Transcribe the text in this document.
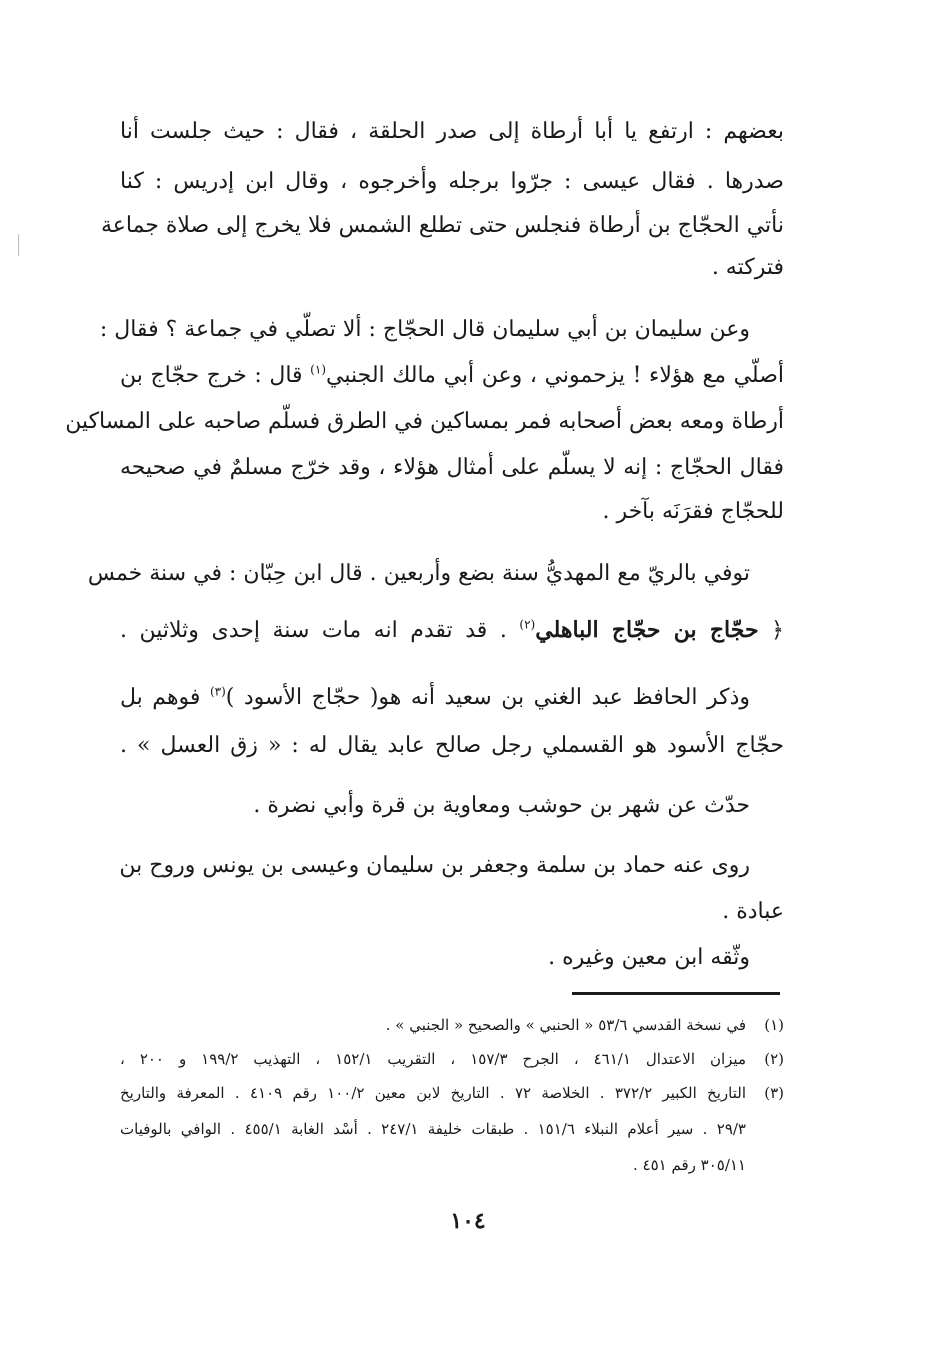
بعضهم : ارتفع يا أبا أرطاة إلى صدر الحلقة ، فقال : حيث جلست أنا
صدرها . فقال عيسى : جرّوا برجله وأخرجوه ، وقال ابن إدريس : كنا
نأتي الحجّاج بن أرطاة فنجلس حتى تطلع الشمس فلا يخرج إلى صلاة جماعة
فتركته .
وعن سليمان بن أبي سليمان قال الحجّاج : ألا تصلّي في جماعة ؟ فقال :
أصلّي مع هؤلاء ! يزحموني ، وعن أبي مالك الجنبي$^{(١)}$ قال : خرج حجّاج بن
أرطاة ومعه بعض أصحابه فمر بمساكين في الطرق فسلّم صاحبه على المساكين
فقال الحجّاج : إنه لا يسلّم على أمثال هؤلاء ، وقد خرّج مسلمٌ في صحيحه
للحجّاج فقرَنَه بآخر .
توفي بالريّ مع المهديُّ سنة بضع وأربعين . قال ابن حِبّان : في سنة خمس
﴿ حجّاج بن حجّاج الباهلي$^{(٢)}$ . قد تقدم انه مات سنة إحدى وثلاثين .
وذكر الحافظ عبد الغني بن سعيد أنه هو( حجّاج الأسود )$^{(٣)}$ فوهم بل
حجّاج الأسود هو القسملي رجل صالح عابد يقال له : « زق العسل » .
حدّث عن شهر بن حوشب ومعاوية بن قرة وأبي نضرة .
روى عنه حماد بن سلمة وجعفر بن سليمان وعيسى بن يونس وروح بن
عبادة .
وثّقه ابن معين وغيره .
(١)في نسخة القدسي ٥٣/٦ « الحنبي » والصحيح « الجنبي » .
(٢)ميزان الاعتدال ٤٦١/١ ، الجرح ١٥٧/٣ ، التقريب ١٥٢/١ ، التهذيب ١٩٩/٢ و ٢٠٠ ،
(٣)التاريخ الكبير ٣٧٢/٢ . الخلاصة ٧٢ . التاريخ لابن معين ١٠٠/٢ رقم ٤١٠٩ . المعرفة والتاريخ
٢٩/٣ . سير أعلام النبلاء ١٥١/٦ . طبقات خليفة ٢٤٧/١ . أسْد الغابة ٤٥٥/١ . الوافي بالوفيات
٣٠٥/١١ رقم ٤٥١ .
١٠٤
